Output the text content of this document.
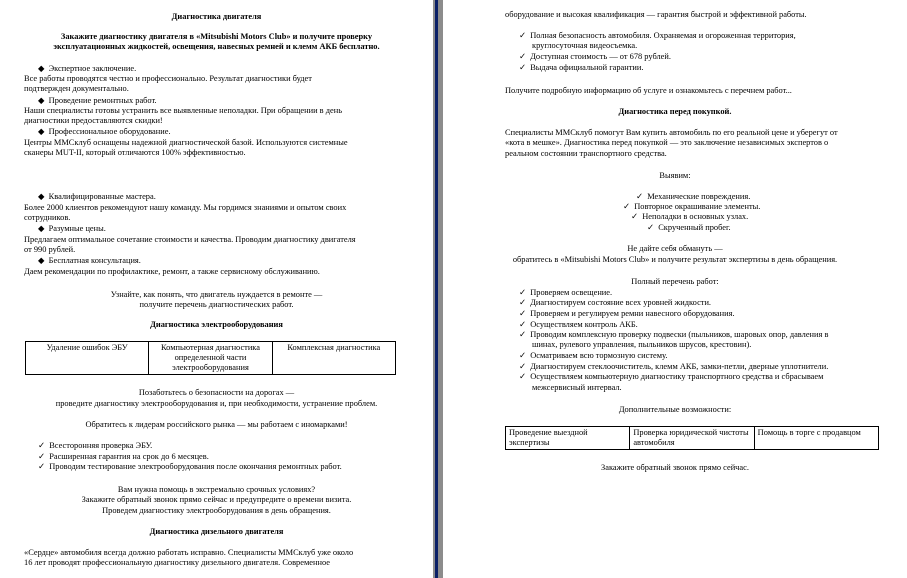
Диагностика двигателя
Закажите диагностику двигателя в «Mitsubishi Motors Club» и получите проверку
эксплуатационных жидкостей, освещения, навесных ремней и клемм АКБ бесплатно.
◆ Экспертное заключение.
Все работы проводятся честно и профессионально. Результат диагностики будет
подтвержден документально.
◆ Проведение ремонтных работ.
Наши специалисты готовы устранить все выявленные неполадки. При обращении в день
диагностики предоставляются скидки!
◆ Профессиональное оборудование.
Центры ММСклуб оснащены надежной диагностической базой. Используются системные
сканеры MUT-II, который отличаются 100% эффективностью.
◆ Квалифицированные мастера.
Более 2000 клиентов рекомендуют нашу команду. Мы гордимся знаниями и опытом своих
сотрудников.
◆ Разумные цены.
Предлагаем оптимальное сочетание стоимости и качества. Проводим диагностику двигателя
от 990 рублей.
◆ Бесплатная консультация.
Даем рекомендации по профилактике, ремонт, а также сервисному обслуживанию.
Узнайте, как понять, что двигатель нуждается в ремонте —
получите перечень диагностических работ.
Диагностика электрооборудования
Удаление ошибок ЭБУ	Компьютерная диагностика определенной части электрооборудования	Комплексная диагностика
Позаботьтесь о безопасности на дорогах —
проведите диагностику электрооборудования и, при необходимости, устранение проблем.
Обратитесь к лидерам российского рынка — мы работаем с иномарками!
✓ Всесторонняя проверка ЭБУ.
✓ Расширенная гарантия на срок до 6 месяцев.
✓ Проводим тестирование электрооборудования после окончания ремонтных работ.
Вам нужна помощь в экстремально срочных условиях?
Закажите обратный звонок прямо сейчас и предупредите о времени визита.
Проведем диагностику электрооборудования в день обращения.
Диагностика дизельного двигателя
«Сердце» автомобиля всегда должно работать исправно. Специалисты ММСклуб уже около
16 лет проводят профессиональную диагностику дизельного двигателя. Современное
оборудование и высокая квалификация — гарантия быстрой и эффективной работы.
✓ Полная безопасность автомобиля. Охраняемая и огороженная территория,
круглосуточная видеосъемка.
✓ Доступная стоимость — от 678 рублей.
✓ Выдача официальной гарантии.
Получите подробную информацию об услуге и ознакомьтесь с перечнем работ...
Диагностика перед покупкой.
Специалисты ММСклуб помогут Вам купить автомобиль по его реальной цене и уберегут от
«кота в мешке». Диагностика перед покупкой — это заключение независимых экспертов о
реальном состоянии транспортного средства.
Выявим:
✓ Механические повреждения.
✓ Повторное окрашивание элементы.
✓ Неполадки в основных узлах.
✓ Скрученный пробег.
Не дайте себя обмануть —
обратитесь в «Mitsubishi Motors Club» и получите результат экспертизы в день обращения.
Полный перечень работ:
✓ Проверяем освещение.
✓ Диагностируем состояние всех уровней жидкости.
✓ Проверяем и регулируем ремни навесного оборудования.
✓ Осуществляем контроль АКБ.
✓ Проводим комплексную проверку подвески (пыльников, шаровых опор, давления в
шинах, рулевого управления, пыльников шрусов, крестовин).
✓ Осматриваем всю тормозную систему.
✓ Диагностируем стеклоочиститель, клемм АКБ, замки-петли, дверные уплотнители.
✓ Осуществляем компьютерную диагностику транспортного средства и сбрасываем
межсервисный интервал.
Дополнительные возможности:
Проведение выездной экспертизы	Проверка юридической чистоты автомобиля	Помощь в торге с продавцом
Закажите обратный звонок прямо сейчас.
